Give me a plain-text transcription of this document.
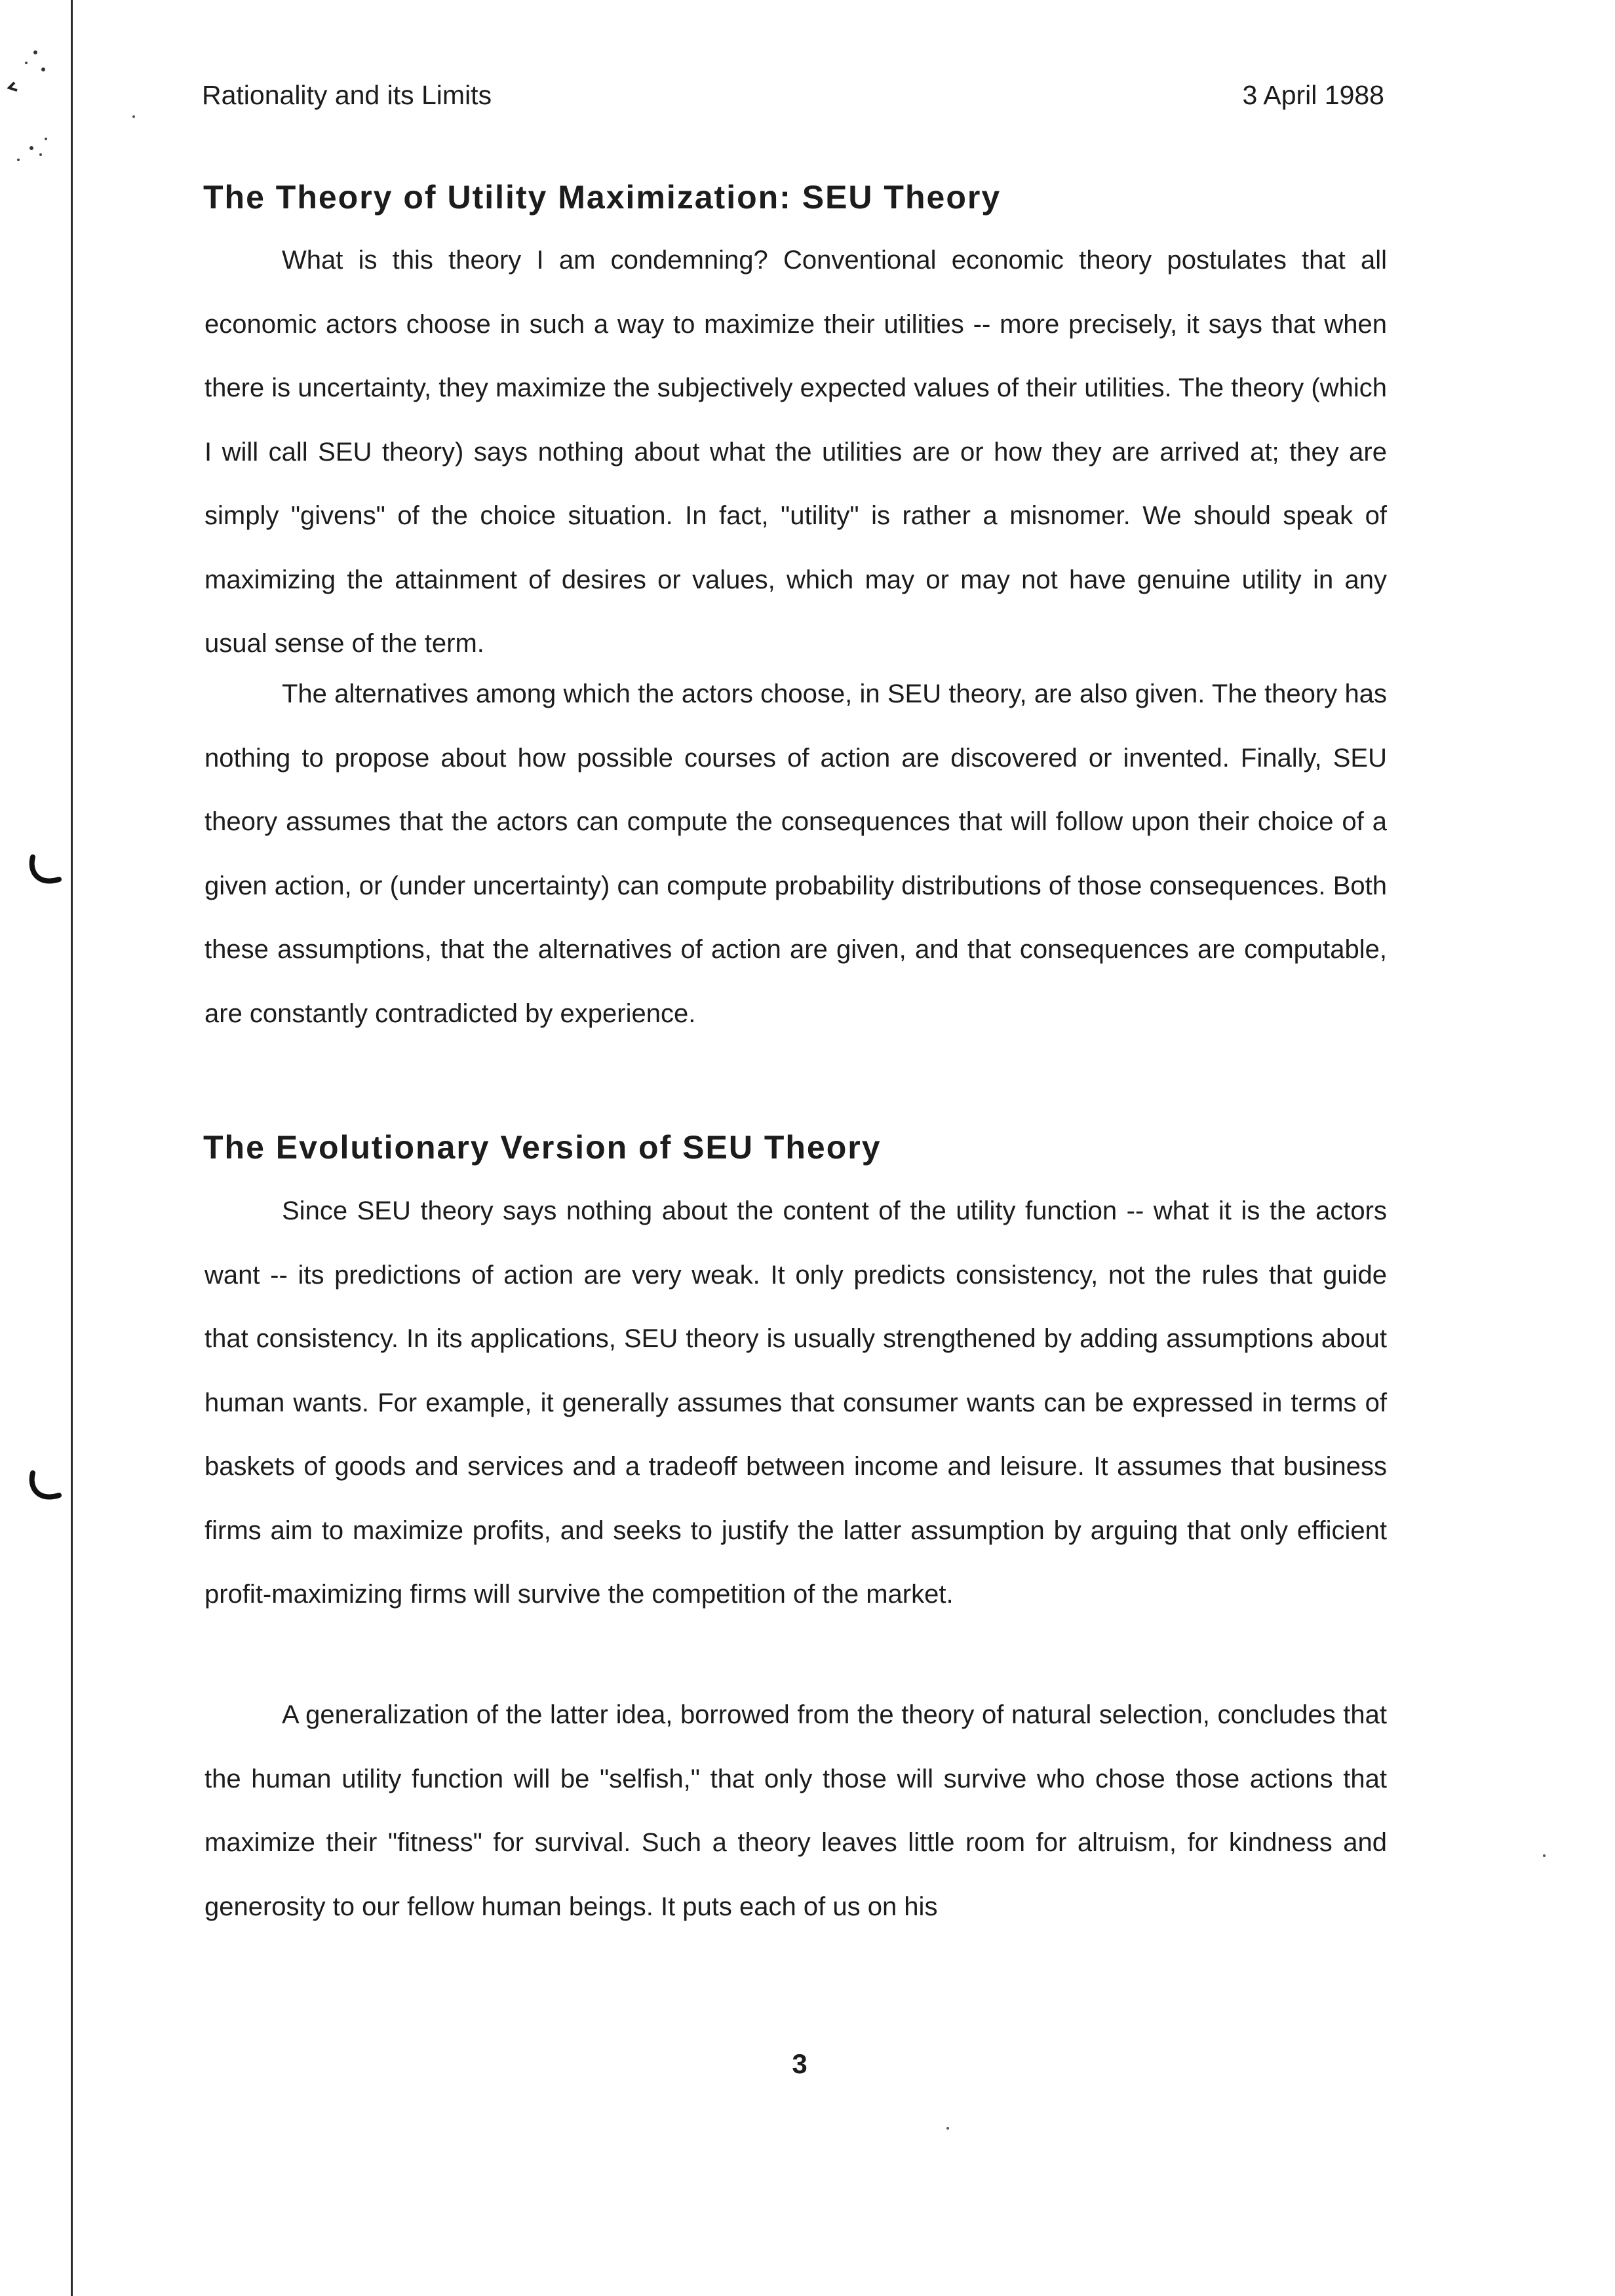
Rationality and its Limits	3 April 1988
The Theory of Utility Maximization: SEU Theory

What is this theory I am condemning? Conventional economic theory postulates that all economic actors choose in such a way to maximize their utilities -- more precisely, it says that when there is uncertainty, they maximize the subjectively expected values of their utilities. The theory (which I will call SEU theory) says nothing about what the utilities are or how they are arrived at; they are simply "givens" of the choice situation. In fact, "utility" is rather a misnomer. We should speak of maximizing the attainment of desires or values, which may or may not have genuine utility in any usual sense of the term.

The alternatives among which the actors choose, in SEU theory, are also given. The theory has nothing to propose about how possible courses of action are discovered or invented. Finally, SEU theory assumes that the actors can compute the consequences that will follow upon their choice of a given action, or (under uncertainty) can compute probability distributions of those consequences. Both these assumptions, that the alternatives of action are given, and that consequences are computable, are constantly contradicted by experience.

The Evolutionary Version of SEU Theory

Since SEU theory says nothing about the content of the utility function -- what it is the actors want -- its predictions of action are very weak. It only predicts consistency, not the rules that guide that consistency. In its applications, SEU theory is usually strengthened by adding assumptions about human wants. For example, it generally assumes that consumer wants can be expressed in terms of baskets of goods and services and a tradeoff between income and leisure. It assumes that business firms aim to maximize profits, and seeks to justify the latter assumption by arguing that only efficient profit-maximizing firms will survive the competition of the market.

A generalization of the latter idea, borrowed from the theory of natural selection, concludes that the human utility function will be "selfish," that only those will survive who chose those actions that maximize their "fitness" for survival. Such a theory leaves little room for altruism, for kindness and generosity to our fellow human beings. It puts each of us on his

3
